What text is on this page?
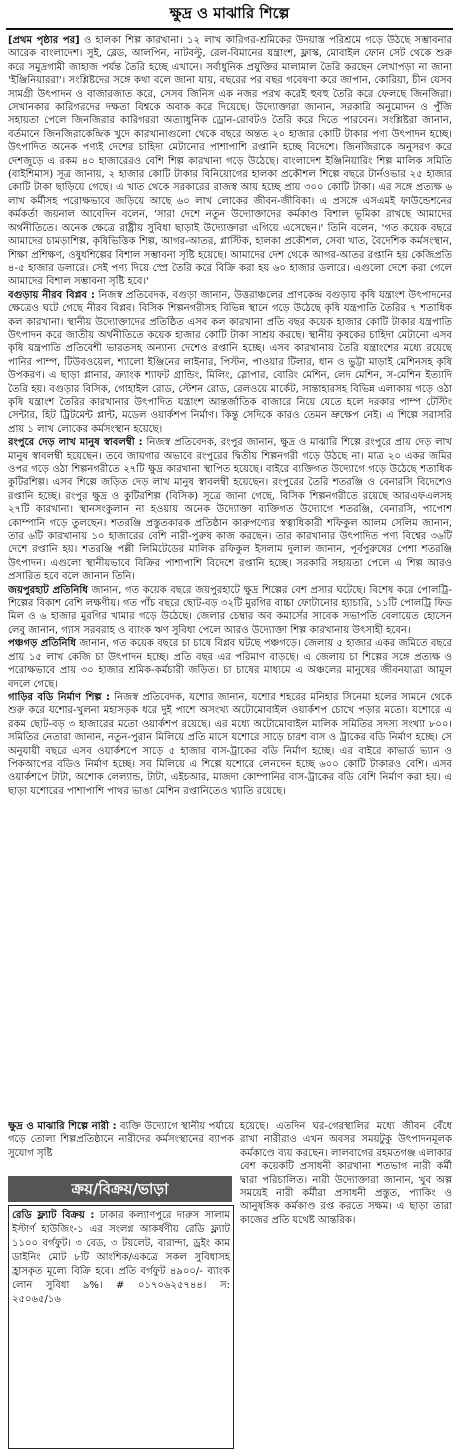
ক্ষুদ্র ও মাঝারি শিল্পে

[প্রথম পৃষ্ঠার পর] ও হালকা শিল্প কারখানা। ১২ লাখ কারিগর-শ্রমিকের উদয়াস্ত পরিশ্রমে গড়ে উঠছে সম্ভাবনার আরেক বাংলাদেশ। সুই, ব্লেড, আলপিন, নাটবল্টু, রেল-বিমানের যন্ত্রাংশ, ফ্লাস্ক, মোবাইল ফোন সেট থেকে শুরু করে সমুদ্রগামী জাহাজ পর্যন্ত তৈরি হচ্ছে এখানে। সর্বাধুনিক প্রযুক্তির মালামাল তৈরি করছেন লেখাপড়া না জানা 'ইঞ্জিনিয়াররা'। সংশ্লিষ্টদের সঙ্গে কথা বলে জানা যায়, বছরের পর বছর গবেষণা করে জাপান, কোরিয়া, চীন যেসব সামগ্রী উৎপাদন ও বাজারজাত করে, সেসব জিনিস এক নজর পরখ করেই হুবহু তৈরি করে ফেলছে জিনজিরা। সেখানকার কারিগরদের দক্ষতা বিশ্বকে অবাক করে দিয়েছে। উদ্যোক্তারা জানান, সরকারি অনুমোদন ও পুঁজি সহায়তা পেলে জিনজিরার কারিগররা অত্যাধুনিক ড্রোন-রোবটও তৈরি করে দিতে পারবেন। সংশ্লিষ্টরা জানান, বর্তমানে জিনজিরাকেন্দ্রিক খুদে কারখানাগুলো থেকে বছরে অন্তত ২০ হাজার কোটি টাকার পণ্য উৎপাদন হচ্ছে। উৎপাদিত অনেক পণ্যই দেশের চাহিদা মেটানোর পাশাপাশি রপ্তানি হচ্ছে বিদেশে। জিনজিরাকে অনুসরণ করে দেশজুড়ে এ রকম ৪০ হাজারেরও বেশি শিল্প কারখানা গড়ে উঠেছে। বাংলাদেশ ইঞ্জিনিয়ারিং শিল্প মালিক সমিতি (বাইশিমাস) সূত্র জানায়, ২ হাজার কোটি টাকার বিনিয়োগের হালকা প্রকৌশল শিল্পে বছরে টার্নওভার ২৫ হাজার কোটি টাকা ছাড়িয়ে গেছে। এ খাত থেকে সরকারের রাজস্ব আয় হচ্ছে প্রায় ৩০০ কোটি টাকা। এর সঙ্গে প্রত্যক্ষ ৬ লাখ কর্মীসহ পরোক্ষভাবে জড়িয়ে আছে ৬০ লাখ লোকের জীবন-জীবিকা। এ প্রসঙ্গে এসএমই ফাউন্ডেশনের কর্মকর্তা জয়নাল আবেদিন বলেন, 'সারা দেশে নতুন উদ্যোক্তাদের কর্মকাণ্ড বিশাল ভূমিকা রাখছে আমাদের অর্থনীতিতে। অনেক ক্ষেত্রে রাষ্ট্রীয় সুবিধা ছাড়াই উদ্যোক্তারা এগিয়ে এসেছেন।' তিনি বলেন, 'গত কয়েক বছরে আমাদের চামড়াশিল্প, কৃষিভিত্তিক শিল্প, আগর-আতর, প্লাস্টিক, হালকা প্রকৌশল, সেবা খাত, বৈদেশিক কর্মসংস্থান, শিক্ষা প্রশিক্ষণ, ওষুধশিল্পের বিশাল সম্ভাবনা সৃষ্টি হয়েছে। আমাদের দেশ থেকে আগর-আতর রপ্তানি হয় কেজিপ্রতি ৪-৫ হাজার ডলারে। সেই পণ্য দিয়ে স্প্রে তৈরি করে বিক্রি করা হয় ৬০ হাজার ডলারে। এগুলো দেশে করা গেলে আমাদের বিশাল সম্ভাবনা সৃষ্টি হবে।'

বগুড়ায় নীরব বিপ্লব : নিজস্ব প্রতিবেদক, বগুড়া জানান, উত্তরাঞ্চলের প্রাণকেন্দ্র বগুড়ায় কৃষি যন্ত্রাংশ উৎপাদনের ক্ষেত্রেও ঘটে গেছে নীরব বিপ্লব। বিসিক শিল্পনগরীসহ বিভিন্ন স্থানে গড়ে উঠেছে কৃষি যন্ত্রপাতি তৈরির ৭ শতাধিক কল কারখানা। স্থানীয় উদ্যোক্তাদের প্রতিষ্ঠিত এসব কল কারখানা প্রতি বছর কয়েক হাজার কোটি টাকার যন্ত্রপাতি উৎপাদন করে জাতীয় অর্থনীতিতে কয়েক হাজার কোটি টাকা সাশ্রয় করছে। স্থানীয় কৃষকের চাহিদা মেটানো এসব কৃষি যন্ত্রপাতি প্রতিবেশী ভারতসহ অন্যান্য দেশেও রপ্তানি হচ্ছে। এসব কারখানায় তৈরি যন্ত্রাংশের মধ্যে রয়েছে পানির পাম্প, টিউবওয়েল, শ্যালো ইঞ্জিনের লাইনার, পিস্টন, পাওয়ার টিলার, ধান ও ভুট্টা মাড়াই মেশিনসহ কৃষি উপকরণ। এ ছাড়া প্লানার, ক্র্যাংক শ্যাফট গ্রান্ডিং, মিলিং, স্লোপার, বোরিং মেশিন, লেদ মেশিন, স-মেশিন ইত্যাদি তৈরি হয়। বগুড়ার বিসিক, গোহাইল রোড, স্টেশন রোড, রেলওয়ে মার্কেট, সান্তাহারসহ বিভিন্ন এলাকায় গড়ে ওঠা কৃষি যন্ত্রাংশ তৈরির কারখানার উৎপাদিত যন্ত্রাংশ আন্তর্জাতিক বাজারে নিয়ে যেতে হলে দরকার পাম্প টেস্টিং সেন্টার, হিট ট্রিটমেন্ট প্লান্ট, মডেল ওয়ার্কশপ নির্মাণ। কিন্তু সেদিকে কারও তেমন ভ্রুক্ষেপ নেই। এ শিল্পে সরাসরি প্রায় ১ লাখ লোকের কর্মসংস্থান হয়েছে।

রংপুরে দেড় লাখ মানুষ স্বাবলম্বী : নিজস্ব প্রতিবেদক, রংপুর জানান, ক্ষুদ্র ও মাঝারি শিল্পে রংপুরে প্রায় দেড় লাখ মানুষ স্বাবলম্বী হয়েছেন। তবে জায়গার অভাবে রংপুরের দ্বিতীয় শিল্পনগরী গড়ে উঠছে না। মাত্র ২০ একর জমির ওপর গড়ে ওঠা শিল্পনগরীতে ২৭টি ক্ষুদ্র কারখানা স্থাপিত হয়েছে। বাইরে ব্যক্তিগত উদ্যোগে গড়ে উঠেছে শতাধিক কুটিরশিল্প। এসব শিল্পে জড়িত দেড় লাখ মানুষ স্বাবলম্বী হয়েছেন। রংপুরের তৈরি শতরঞ্জি ও বেনারসি বিদেশেও রপ্তানি হচ্ছে। রংপুর ক্ষুদ্র ও কুটিরশিল্প (বিসিক) সূত্রে জানা গেছে, বিসিক শিল্পনগরীতে রয়েছে আরএফএলসহ ২৭টি কারখানা। স্থানসংকুলান না হওয়ায় অনেক উদ্যোক্তা ব্যক্তিগত উদ্যোগে শতরঞ্জি, বেনারসি, পাপোশ কোম্পানি গড়ে তুলছেন। শতরঞ্জি প্রস্তুতকারক প্রতিষ্ঠান কারুপণ্যের স্বত্বাধিকারী শফিকুল আলম সেলিম জানান, তার ৬টি কারখানায় ১০ হাজারের বেশি নারী-পুরুষ কাজ করছেন। তার কারখানার উৎপাদিত পণ্য বিশ্বের ৩৬টি দেশে রপ্তানি হয়। শতরঞ্জি পল্লী লিমিটেডের মালিক রফিকুল ইসলাম দুলাল জানান, পূর্বপুরুষের পেশা শতরঞ্জি উৎপাদন। এগুলো স্থানীয়ভাবে বিক্রির পাশাপাশি বিদেশে রপ্তানি হচ্ছে। সরকারি সহায়তা পেলে এ শিল্প আরও প্রসারিত হবে বলে জানান তিনি।

জয়পুরহাট প্রতিনিধি জানান, গত কয়েক বছরে জয়পুরহাটে ক্ষুদ্র শিল্পের বেশ প্রসার ঘটেছে। বিশেষ করে পোলট্রি-শিল্পের বিকাশ বেশি লক্ষণীয়। গত পাঁচ বছরে ছোট-বড় ৩২টি মুরগির বাচ্চা ফোটানোর হ্যাচারি, ১১টি পোলট্রি ফিড মিল ও ৬ হাজার মুরগির খামার গড়ে উঠেছে। জেলার চেম্বার অব কমার্সের সাবেক সভাপতি বেলায়েত হোসেন লেবু জানান, গ্যাস সরবরাহ ও ব্যাংক ঋণ সুবিধা পেলে আরও উদ্যোক্তা শিল্প কারখানায় উৎসাহী হবেন।

পঞ্চগড় প্রতিনিধি জানান, গত কয়েক বছরে চা চাষে বিপ্লব ঘটছে পঞ্চগড়ে। জেলায় ৫ হাজার একর জমিতে বছরে প্রায় ১৫ লাখ কেজি চা উৎপাদন হচ্ছে। প্রতি বছর এর পরিমাণ বাড়ছে। এ জেলায় চা শিল্পের সঙ্গে প্রত্যক্ষ ও পরোক্ষভাবে প্রায় ৩০ হাজার শ্রমিক-কর্মচারী জড়িত। চা চাষের মাধ্যমে এ অঞ্চলের মানুষের জীবনযাত্রা আমূল বদলে গেছে।

গাড়ির বডি নির্মাণ শিল্প : নিজস্ব প্রতিবেদক, যশোর জানান, যশোর শহরের মনিহার সিনেমা হলের সামনে থেকে শুরু করে যশোর-খুলনা মহাসড়ক ধরে দুই পাশে অসংখ্য অটোমোবাইল ওয়ার্কশপ চোখে পড়ার মতো। যশোরে এ রকম ছোট-বড় ৩ হাজারের মতো ওয়ার্কশপ রয়েছে। এর মধ্যে অটোমোবাইল মালিক সমিতির সদস্য সংখ্যা ৮০০। সমিতির নেতারা জানান, নতুন-পুরান মিলিয়ে প্রতি মাসে যশোরে সাড়ে চারশ বাস ও ট্রাকের বডি নির্মাণ হচ্ছে। সে অনুযায়ী বছরে এসব ওয়ার্কশপে সাড়ে ৫ হাজার বাস-ট্রাকের বডি নির্মাণ হচ্ছে। এর বাইরে কাভার্ড ভ্যান ও পিকআপের বডিও নির্মাণ হচ্ছে। সব মিলিয়ে এ শিল্পে যশোরে লেনদেন হচ্ছে ৬০০ কোটি টাকারও বেশি। এসব ওয়ার্কশপে টাটা, অশোক লেল্যান্ড, টাটা, এইচআর, মাজদা কোম্পানির বাস-ট্রাকের বডি বেশি নির্মাণ করা হয়। এ ছাড়া যশোরের পাশাপাশি পাথর ভাঙা মেশিন রপ্তানিতেও খ্যাতি রয়েছে।

ক্ষুদ্র ও মাঝারি শিল্পে নারী : ব্যক্তি উদ্যোগে স্থানীয় পর্যায়ে গড়ে তোলা শিল্পপ্রতিষ্ঠানে নারীদের কর্মসংস্থানের ব্যাপক সুযোগ সৃষ্টি

হয়েছে। এতদিন ঘর-গেরস্থালির মধ্যে জীবন বেঁধে রাখা নারীরাও এখন অবসর সময়টুকু উৎপাদনমূলক কর্মকাণ্ডে ব্যয় করছেন। লালবাগের রহমতগঞ্জ এলাকার বেশ কয়েকটি প্রসাধনী কারখানা শতভাগ নারী কর্মী দ্বারা পরিচালিত। নারী উদ্যোক্তারা জানান, খুব অল্প সময়েই নারী কর্মীরা প্রসাধনী প্রস্তুত, প্যাকিং ও আনুষঙ্গিক কর্মকাণ্ড রপ্ত করতে সক্ষম। এ ছাড়া তারা কাজের প্রতি যথেষ্ট আন্তরিক।

ক্রয়/বিক্রয়/ভাড়া
রেডি ফ্ল্যাট বিক্রয় : ঢাকার কল্যাণপুরে দারুস সালাম ইস্টার্ণ হাউজিং-১ এর সংলগ্ন আকর্ষণীয় রেডি ফ্ল্যাট ১১০০ বর্গফুট। ৩ বেড, ৩ টয়লেট, বারান্দা, ড্রইং কাম ডাইনিং মোট ৮টি আংশিক/একত্রে সকল সুবিধাসহ হ্রাসকৃত মূল্যে বিক্রি হবে। প্রতি বর্গফুট ৪৯০০/- ব্যাংক লোন সুবিধা ৯%। # ০১৭০৬২৫৭৪৪। স: ২৫০৬৫/১৬
